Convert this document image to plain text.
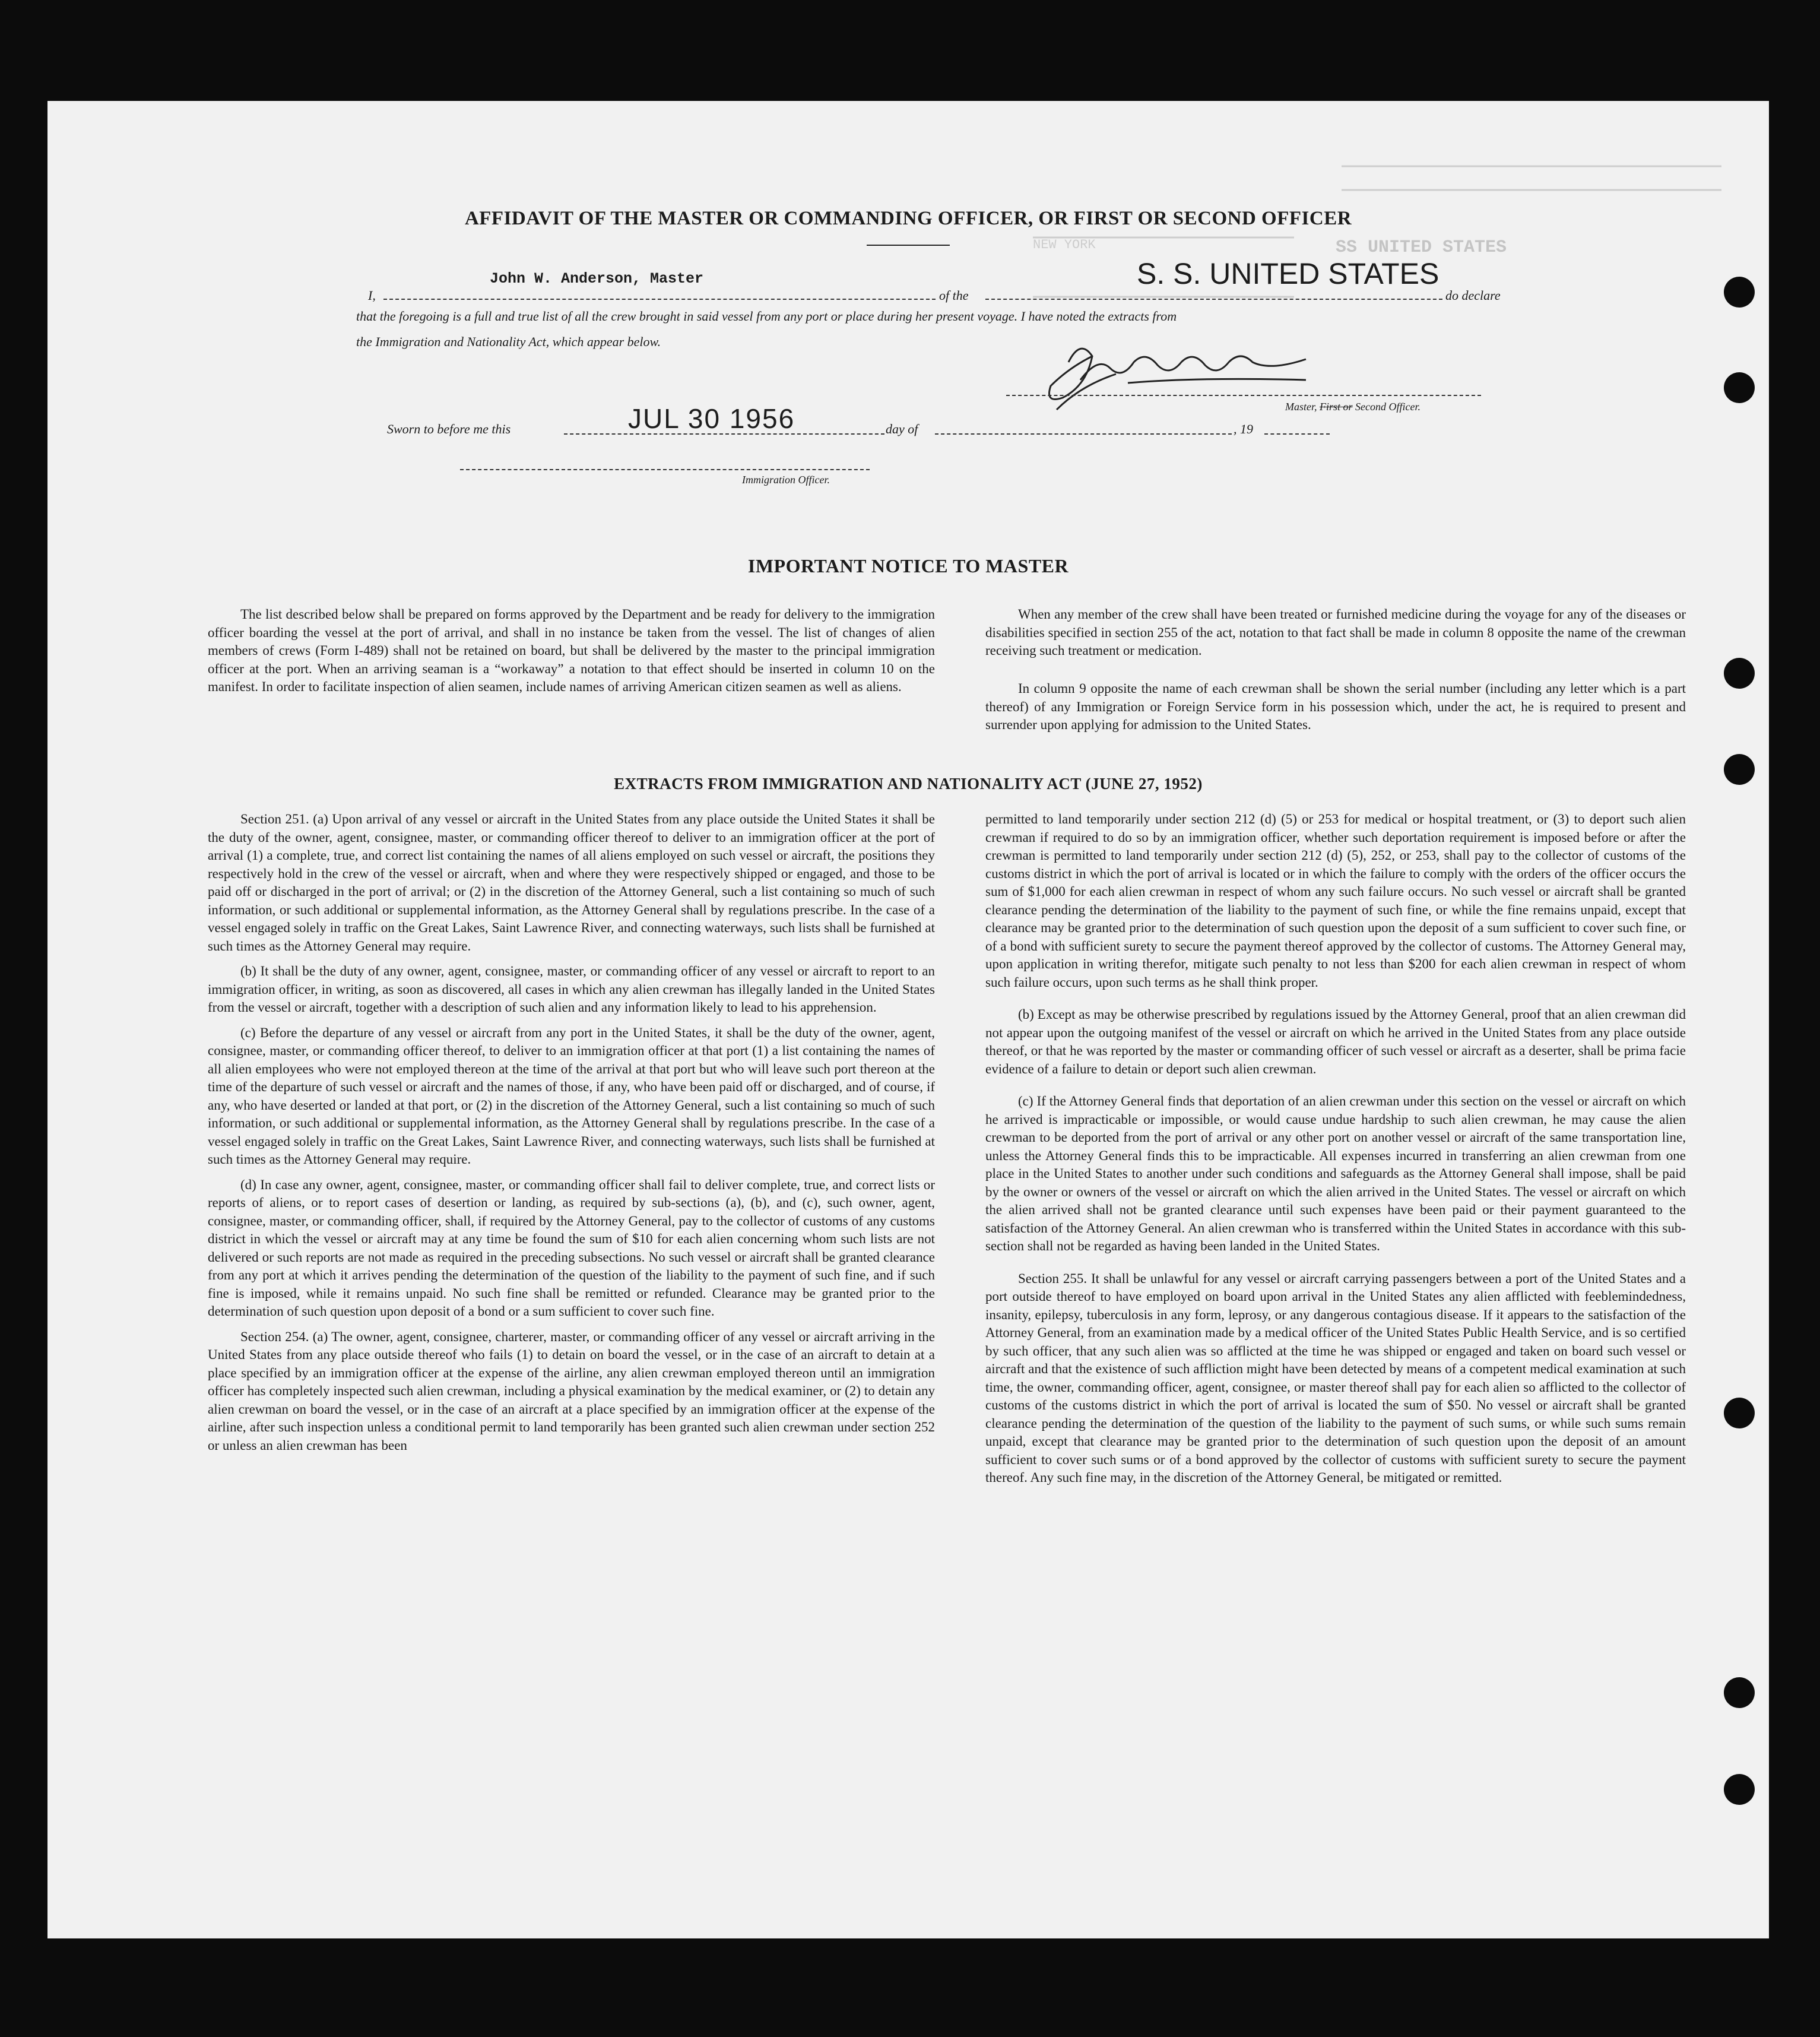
SS UNITED STATES
NEW YORK
AFFIDAVIT OF THE MASTER OR COMMANDING OFFICER, OR FIRST OR SECOND OFFICER
I,
John W. Anderson, Master
of the
S. S. UNITED STATES
do declare
that the foregoing is a full and true list of all the crew brought in said vessel from any port or place during her present voyage. I have noted the extracts from
the Immigration and Nationality Act, which appear below.
Master, First or Second Officer.
Sworn to before me this	JUL 30 1956	day of	, 19
Immigration Officer.
IMPORTANT NOTICE TO MASTER

The list described below shall be prepared on forms approved by the Department and be ready for delivery to the immigration officer boarding the vessel at the port of arrival, and shall in no instance be taken from the vessel. The list of changes of alien members of crews (Form I-489) shall not be retained on board, but shall be delivered by the master to the principal immigration officer at the port. When an arriving seaman is a “workaway” a notation to that effect should be inserted in column 10 on the manifest. In order to facilitate inspection of alien seamen, include names of arriving American citizen seamen as well as aliens.

When any member of the crew shall have been treated or furnished medicine during the voyage for any of the diseases or disabilities specified in section 255 of the act, notation to that fact shall be made in column 8 opposite the name of the crewman receiving such treatment or medication.

In column 9 opposite the name of each crewman shall be shown the serial number (including any letter which is a part thereof) of any Immigration or Foreign Service form in his possession which, under the act, he is required to present and surrender upon applying for admission to the United States.

EXTRACTS FROM IMMIGRATION AND NATIONALITY ACT (JUNE 27, 1952)

Section 251. (a) Upon arrival of any vessel or aircraft in the United States from any place outside the United States it shall be the duty of the owner, agent, consignee, master, or commanding officer thereof to deliver to an immigration officer at the port of arrival (1) a complete, true, and correct list containing the names of all aliens employed on such vessel or aircraft, the positions they respectively hold in the crew of the vessel or aircraft, when and where they were respectively shipped or engaged, and those to be paid off or discharged in the port of arrival; or (2) in the discretion of the Attorney General, such a list containing so much of such information, or such additional or supplemental information, as the Attorney General shall by regulations prescribe. In the case of a vessel engaged solely in traffic on the Great Lakes, Saint Lawrence River, and connecting waterways, such lists shall be furnished at such times as the Attorney General may require.

(b) It shall be the duty of any owner, agent, consignee, master, or commanding officer of any vessel or aircraft to report to an immigration officer, in writing, as soon as discovered, all cases in which any alien crewman has illegally landed in the United States from the vessel or aircraft, together with a description of such alien and any information likely to lead to his apprehension.

(c) Before the departure of any vessel or aircraft from any port in the United States, it shall be the duty of the owner, agent, consignee, master, or commanding officer thereof, to deliver to an immigration officer at that port (1) a list containing the names of all alien employees who were not employed thereon at the time of the arrival at that port but who will leave such port thereon at the time of the departure of such vessel or aircraft and the names of those, if any, who have been paid off or discharged, and of course, if any, who have deserted or landed at that port, or (2) in the discretion of the Attorney General, such a list containing so much of such information, or such additional or supplemental information, as the Attorney General shall by regulations prescribe. In the case of a vessel engaged solely in traffic on the Great Lakes, Saint Lawrence River, and connecting waterways, such lists shall be furnished at such times as the Attorney General may require.

(d) In case any owner, agent, consignee, master, or commanding officer shall fail to deliver complete, true, and correct lists or reports of aliens, or to report cases of desertion or landing, as required by sub-sections (a), (b), and (c), such owner, agent, consignee, master, or commanding officer, shall, if required by the Attorney General, pay to the collector of customs of any customs district in which the vessel or aircraft may at any time be found the sum of $10 for each alien concerning whom such lists are not delivered or such reports are not made as required in the preceding subsections. No such vessel or aircraft shall be granted clearance from any port at which it arrives pending the determination of the question of the liability to the payment of such fine, and if such fine is imposed, while it remains unpaid. No such fine shall be remitted or refunded. Clearance may be granted prior to the determination of such question upon deposit of a bond or a sum sufficient to cover such fine.

Section 254. (a) The owner, agent, consignee, charterer, master, or commanding officer of any vessel or aircraft arriving in the United States from any place outside thereof who fails (1) to detain on board the vessel, or in the case of an aircraft to detain at a place specified by an immigration officer at the expense of the airline, any alien crewman employed thereon until an immigration officer has completely inspected such alien crewman, including a physical examination by the medical examiner, or (2) to detain any alien crewman on board the vessel, or in the case of an aircraft at a place specified by an immigration officer at the expense of the airline, after such inspection unless a conditional permit to land temporarily has been granted such alien crewman under section 252 or unless an alien crewman has been

permitted to land temporarily under section 212 (d) (5) or 253 for medical or hospital treatment, or (3) to deport such alien crewman if required to do so by an immigration officer, whether such deportation requirement is imposed before or after the crewman is permitted to land temporarily under section 212 (d) (5), 252, or 253, shall pay to the collector of customs of the customs district in which the port of arrival is located or in which the failure to comply with the orders of the officer occurs the sum of $1,000 for each alien crewman in respect of whom any such failure occurs. No such vessel or aircraft shall be granted clearance pending the determination of the liability to the payment of such fine, or while the fine remains unpaid, except that clearance may be granted prior to the determination of such question upon the deposit of a sum sufficient to cover such fine, or of a bond with sufficient surety to secure the payment thereof approved by the collector of customs. The Attorney General may, upon application in writing therefor, mitigate such penalty to not less than $200 for each alien crewman in respect of whom such failure occurs, upon such terms as he shall think proper.

(b) Except as may be otherwise prescribed by regulations issued by the Attorney General, proof that an alien crewman did not appear upon the outgoing manifest of the vessel or aircraft on which he arrived in the United States from any place outside thereof, or that he was reported by the master or commanding officer of such vessel or aircraft as a deserter, shall be prima facie evidence of a failure to detain or deport such alien crewman.

(c) If the Attorney General finds that deportation of an alien crewman under this section on the vessel or aircraft on which he arrived is impracticable or impossible, or would cause undue hardship to such alien crewman, he may cause the alien crewman to be deported from the port of arrival or any other port on another vessel or aircraft of the same transportation line, unless the Attorney General finds this to be impracticable. All expenses incurred in transferring an alien crewman from one place in the United States to another under such conditions and safeguards as the Attorney General shall impose, shall be paid by the owner or owners of the vessel or aircraft on which the alien arrived in the United States. The vessel or aircraft on which the alien arrived shall not be granted clearance until such expenses have been paid or their payment guaranteed to the satisfaction of the Attorney General. An alien crewman who is transferred within the United States in accordance with this sub-section shall not be regarded as having been landed in the United States.

Section 255. It shall be unlawful for any vessel or aircraft carrying passengers between a port of the United States and a port outside thereof to have employed on board upon arrival in the United States any alien afflicted with feeblemindedness, insanity, epilepsy, tuberculosis in any form, leprosy, or any dangerous contagious disease. If it appears to the satisfaction of the Attorney General, from an examination made by a medical officer of the United States Public Health Service, and is so certified by such officer, that any such alien was so afflicted at the time he was shipped or engaged and taken on board such vessel or aircraft and that the existence of such affliction might have been detected by means of a competent medical examination at such time, the owner, commanding officer, agent, consignee, or master thereof shall pay for each alien so afflicted to the collector of customs of the customs district in which the port of arrival is located the sum of $50. No vessel or aircraft shall be granted clearance pending the determination of the question of the liability to the payment of such sums, or while such sums remain unpaid, except that clearance may be granted prior to the determination of such question upon the deposit of an amount sufficient to cover such sums or of a bond approved by the collector of customs with sufficient surety to secure the payment thereof. Any such fine may, in the discretion of the Attorney General, be mitigated or remitted.
